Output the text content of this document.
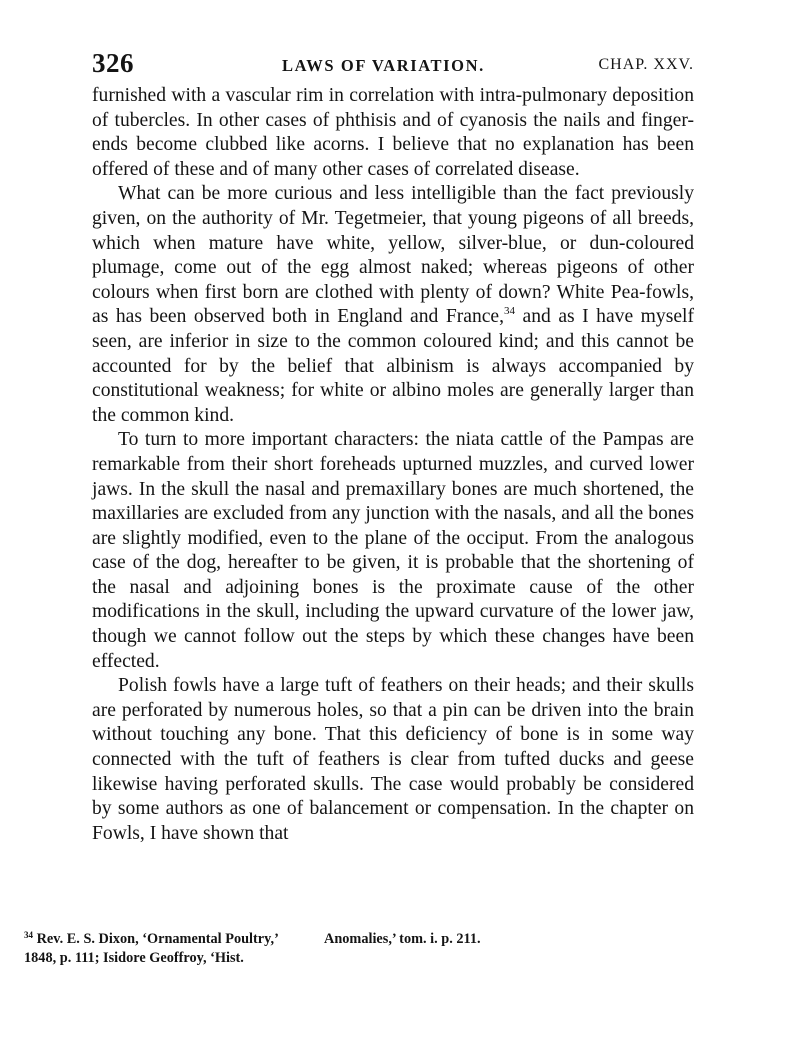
326	LAWS OF VARIATION.	CHAP. XXV.

furnished with a vascular rim in correlation with intra-pulmonary deposition of tubercles. In other cases of phthisis and of cyanosis the nails and finger-ends become clubbed like acorns. I believe that no explanation has been offered of these and of many other cases of correlated disease.

What can be more curious and less intelligible than the fact previously given, on the authority of Mr. Tegetmeier, that young pigeons of all breeds, which when mature have white, yellow, silver-blue, or dun-coloured plumage, come out of the egg almost naked; whereas pigeons of other colours when first born are clothed with plenty of down? White Pea-fowls, as has been observed both in England and France,$^{34}$ and as I have myself seen, are inferior in size to the common coloured kind; and this cannot be accounted for by the belief that albinism is always accompanied by constitutional weakness; for white or albino moles are generally larger than the common kind.

To turn to more important characters: the niata cattle of the Pampas are remarkable from their short foreheads upturned muzzles, and curved lower jaws. In the skull the nasal and premaxillary bones are much shortened, the maxillaries are excluded from any junction with the nasals, and all the bones are slightly modified, even to the plane of the occiput. From the analogous case of the dog, hereafter to be given, it is probable that the shortening of the nasal and adjoining bones is the proximate cause of the other modifications in the skull, including the upward curvature of the lower jaw, though we cannot follow out the steps by which these changes have been effected.

Polish fowls have a large tuft of feathers on their heads; and their skulls are perforated by numerous holes, so that a pin can be driven into the brain without touching any bone. That this deficiency of bone is in some way connected with the tuft of feathers is clear from tufted ducks and geese likewise having perforated skulls. The case would probably be considered by some authors as one of balancement or compensation. In the chapter on Fowls, I have shown that

$^{34}$ Rev. E. S. Dixon, ‘Ornamental Poultry,’ 1848, p. 111; Isidore Geoffroy, ‘Hist. Anomalies,’ tom. i. p. 211.
